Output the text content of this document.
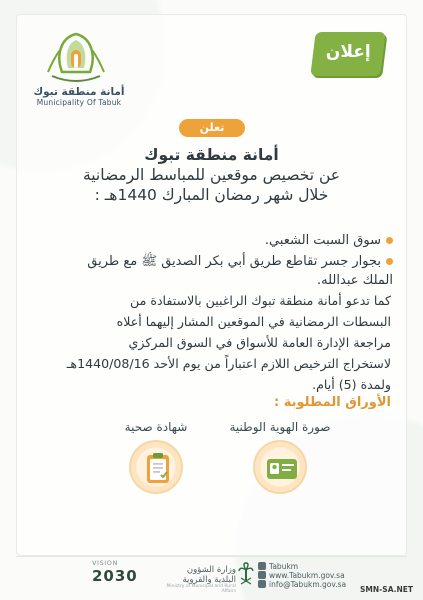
إعلان
أمانة منطقة تبوك
Municipality Of Tabuk
تعلن
أمانة منطقة تبوك
عن تخصيص موقعين للمباسط الرمضانية
خلال شهر رمضان المبارك 1440هـ :
سوق السبت الشعبي.
بجوار جسر تقاطع طريق أبي بكر الصديق ﷺ مع طريق
الملك عبدالله.
كما تدعو أمانة منطقة تبوك الراغبين بالاستفادة من
البسطات الرمضانية في الموقعين المشار إليهما أعلاه
مراجعة الإدارة العامة للأسواق في السوق المركزي
لاستخراج الترخيص اللازم اعتباراً من يوم الأحد 1440/08/16هـ
ولمدة (5) أيام.
الأوراق المطلوبة :
صورة الهوية الوطنية
شهادة صحية
VISION
2030	وزارة الشؤون
البلدية والقروية
Ministry of Municipal and Rural Affairs
Tabukm
www.Tabukm.gov.sa
info@Tabukm.gov.sa
SMN-SA.NET
